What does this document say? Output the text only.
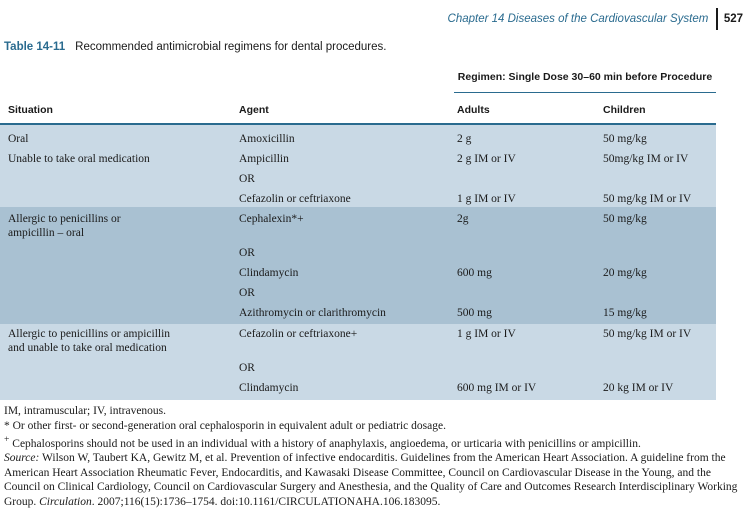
Chapter 14 Diseases of the Cardiovascular System	527
Table 14-11 Recommended antimicrobial regimens for dental procedures.
Regimen: Single Dose 30–60 min before Procedure
Situation	Agent	Adults	Children
Oral	Amoxicillin	2 g	50 mg/kg
Unable to take oral medication	Ampicillin	2 g IM or IV	50mg/kg IM or IV
OR
Cefazolin or ceftriaxone	1 g IM or IV	50 mg/kg IM or IV
Allergic to penicillins or	Cephalexin*+	2g	50 mg/kg
ampicillin – oral
OR
Clindamycin	600 mg	20 mg/kg
OR
Azithromycin or clarithromycin	500 mg	15 mg/kg
Allergic to penicillins or ampicillin	Cefazolin or ceftriaxone+	1 g IM or IV	50 mg/kg IM or IV
and unable to take oral medication
OR
Clindamycin	600 mg IM or IV	20 kg IM or IV

IM, intramuscular; IV, intravenous.

* Or other first- or second-generation oral cephalosporin in equivalent adult or pediatric dosage.

+ Cephalosporins should not be used in an individual with a history of anaphylaxis, angioedema, or urticaria with penicillins or ampicillin.

Source: Wilson W, Taubert KA, Gewitz M, et al. Prevention of infective endocarditis. Guidelines from the American Heart Association. A guideline from the American Heart Association Rheumatic Fever, Endocarditis, and Kawasaki Disease Committee, Council on Cardiovascular Disease in the Young, and the Council on Clinical Cardiology, Council on Cardiovascular Surgery and Anesthesia, and the Quality of Care and Outcomes Research Interdisciplinary Working Group. Circulation. 2007;116(15):1736–1754. doi:10.1161/CIRCULATIONAHA.106.183095.
